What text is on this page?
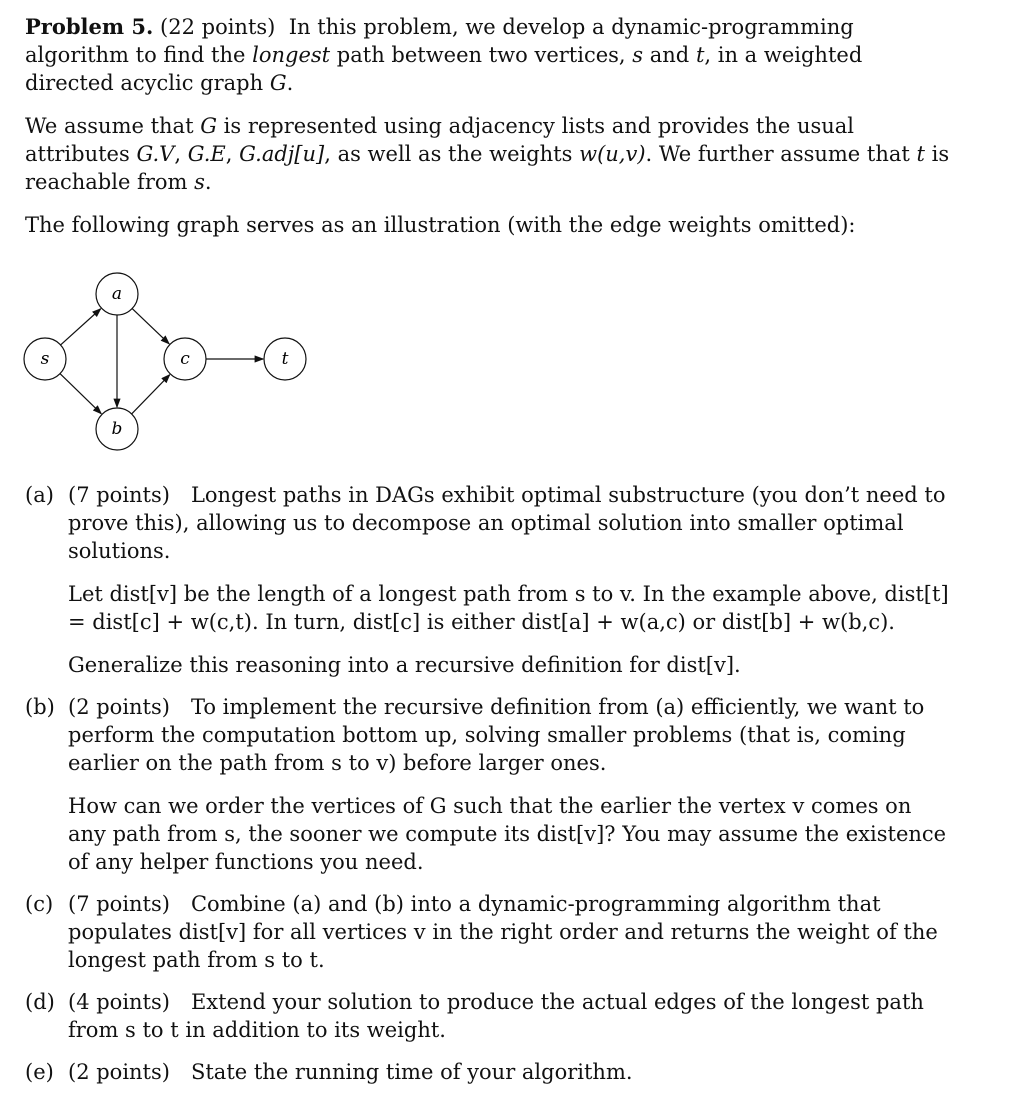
Problem 5. (22 points) In this problem, we develop a dynamic-programming algorithm to find the longest path between two vertices, s and t, in a weighted directed acyclic graph G.

We assume that G is represented using adjacency lists and provides the usual attributes G.V, G.E, G.adj[u], as well as the weights w(u,v). We further assume that t is reachable from s.

The following graph serves as an illustration (with the edge weights omitted):

s
a
b
c	t
(a) (7 points)  Longest paths in DAGs exhibit optimal substructure (you don’t need to prove this), allowing us to decompose an optimal solution into smaller optimal solutions.

Let dist[v] be the length of a longest path from s to v. In the example above, dist[t] = dist[c] + w(c,t). In turn, dist[c] is either dist[a] + w(a,c) or dist[b] + w(b,c).

Generalize this reasoning into a recursive definition for dist[v].

(b) (2 points)  To implement the recursive definition from (a) efficiently, we want to perform the computation bottom up, solving smaller problems (that is, coming earlier on the path from s to v) before larger ones.

How can we order the vertices of G such that the earlier the vertex v comes on any path from s, the sooner we compute its dist[v]? You may assume the existence of any helper functions you need.

(c) (7 points)  Combine (a) and (b) into a dynamic-programming algorithm that populates dist[v] for all vertices v in the right order and returns the weight of the longest path from s to t.

(d) (4 points)  Extend your solution to produce the actual edges of the longest path from s to t in addition to its weight.

(e) (2 points)  State the running time of your algorithm.
